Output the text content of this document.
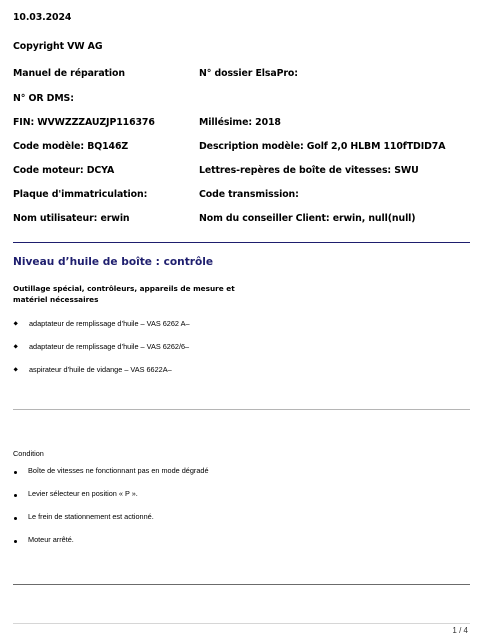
10.03.2024
Copyright VW AG
Manuel de réparation	N° dossier ElsaPro:
N° OR DMS:
FIN: WVWZZZAUZJP116376	Millésime: 2018
Code modèle: BQ146Z	Description modèle: Golf 2,0 HLBM 110fTDID7A
Code moteur: DCYA	Lettres-repères de boîte de vitesses: SWU
Plaque d'immatriculation:	Code transmission:
Nom utilisateur: erwin	Nom du conseiller Client: erwin, null(null)
Niveau d’huile de boîte : contrôle
Outillage spécial, contrôleurs, appareils de mesure et matériel nécessaires
adaptateur de remplissage d’huile – VAS 6262 A–
adaptateur de remplissage d’huile – VAS 6262/6–
aspirateur d’huile de vidange – VAS 6622A–
Condition
Boîte de vitesses ne fonctionnant pas en mode dégradé
Levier sélecteur en position « P ».
Le frein de stationnement est actionné.
Moteur arrêté.
1 / 4
